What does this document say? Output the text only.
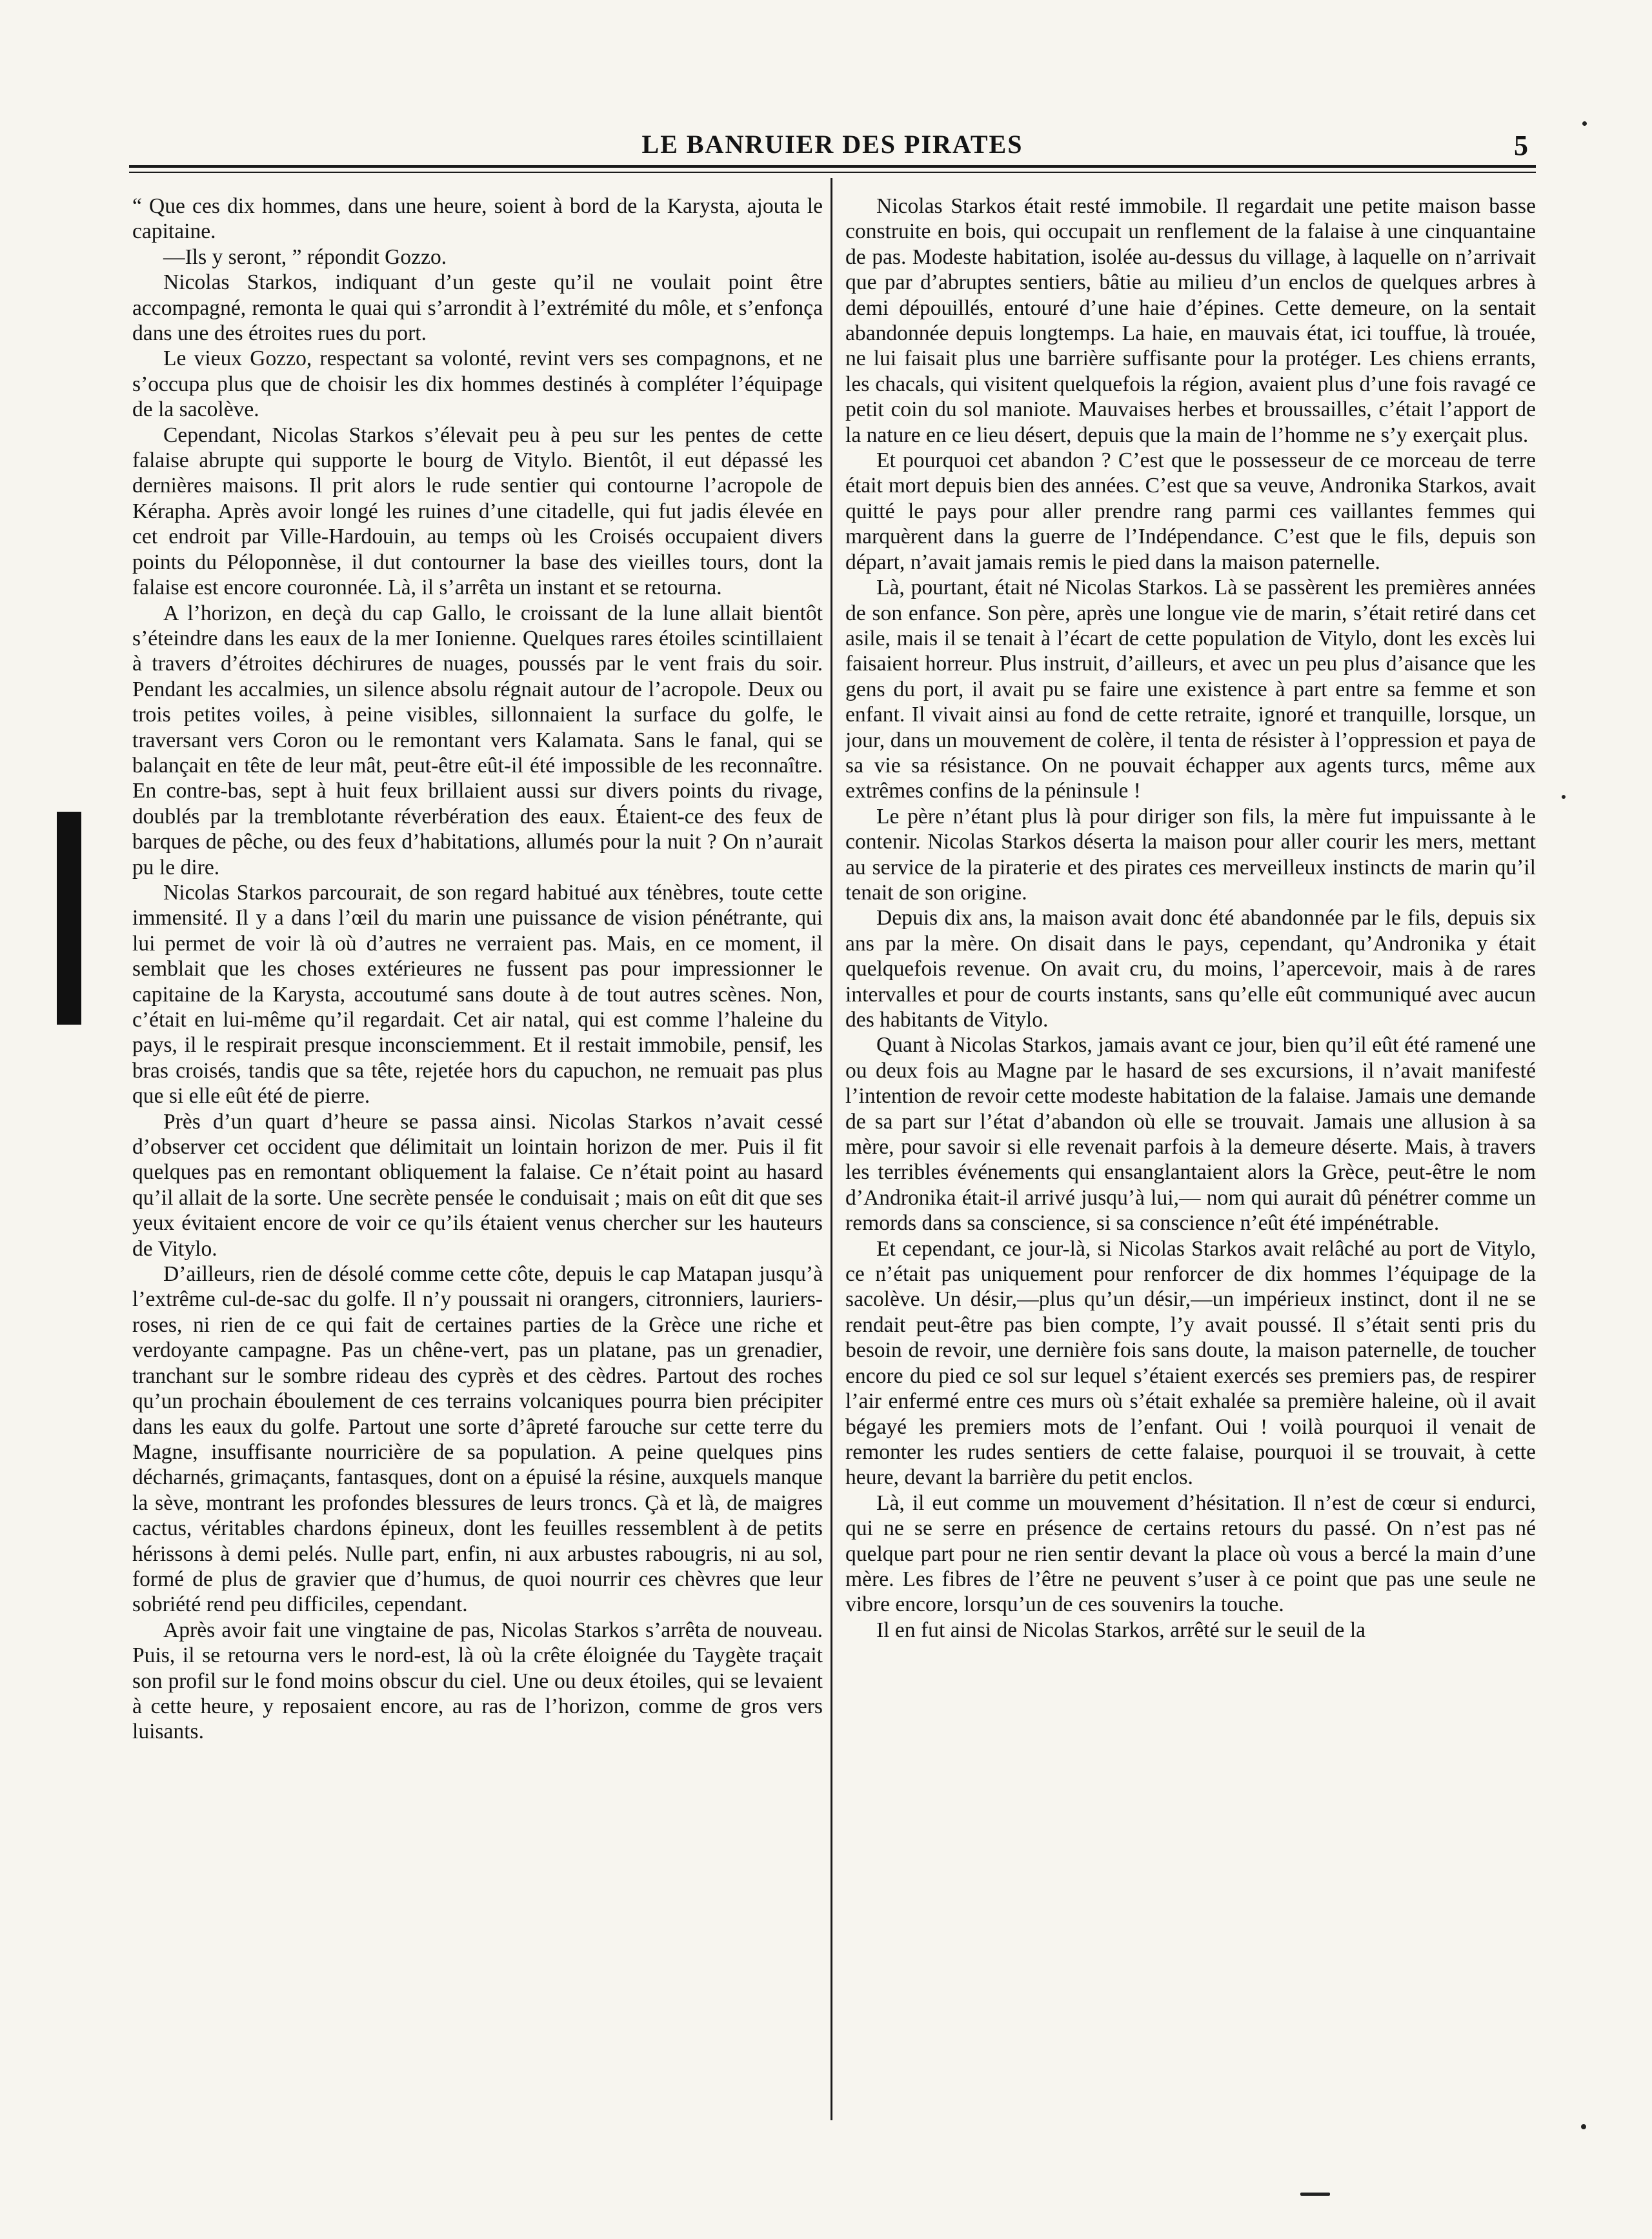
LE BANRUIER DES PIRATES	5

“ Que ces dix hommes, dans une heure, soient à bord de la Karysta, ajouta le capitaine.

—Ils y seront, ” répondit Gozzo.

Nicolas Starkos, indiquant d’un geste qu’il ne voulait point être accompagné, remonta le quai qui s’arrondit à l’extrémité du môle, et s’enfonça dans une des étroites rues du port.

Le vieux Gozzo, respectant sa volonté, revint vers ses compagnons, et ne s’occupa plus que de choisir les dix hommes destinés à compléter l’équipage de la sacolève.

Cependant, Nicolas Starkos s’élevait peu à peu sur les pentes de cette falaise abrupte qui supporte le bourg de Vitylo. Bientôt, il eut dépassé les dernières maisons. Il prit alors le rude sentier qui contourne l’acropole de Kérapha. Après avoir longé les ruines d’une citadelle, qui fut jadis élevée en cet endroit par Ville-Hardouin, au temps où les Croisés occupaient divers points du Péloponnèse, il dut contourner la base des vieilles tours, dont la falaise est encore couronnée. Là, il s’arrêta un instant et se retourna.

A l’horizon, en deçà du cap Gallo, le croissant de la lune allait bientôt s’éteindre dans les eaux de la mer Ionienne. Quelques rares étoiles scintillaient à travers d’étroites déchirures de nuages, poussés par le vent frais du soir. Pendant les accalmies, un silence absolu régnait autour de l’acropole. Deux ou trois petites voiles, à peine visibles, sillonnaient la surface du golfe, le traversant vers Coron ou le remontant vers Kalamata. Sans le fanal, qui se balançait en tête de leur mât, peut-être eût-il été impossible de les reconnaître. En contre-bas, sept à huit feux brillaient aussi sur divers points du rivage, doublés par la tremblotante réverbération des eaux. Étaient-ce des feux de barques de pêche, ou des feux d’habitations, allumés pour la nuit ? On n’aurait pu le dire.

Nicolas Starkos parcourait, de son regard habitué aux ténèbres, toute cette immensité. Il y a dans l’œil du marin une puissance de vision pénétrante, qui lui permet de voir là où d’autres ne verraient pas. Mais, en ce moment, il semblait que les choses extérieures ne fussent pas pour impressionner le capitaine de la Karysta, accoutumé sans doute à de tout autres scènes. Non, c’était en lui-même qu’il regardait. Cet air natal, qui est comme l’haleine du pays, il le respirait presque inconsciemment. Et il restait immobile, pensif, les bras croisés, tandis que sa tête, rejetée hors du capuchon, ne remuait pas plus que si elle eût été de pierre.

Près d’un quart d’heure se passa ainsi. Nicolas Starkos n’avait cessé d’observer cet occident que délimitait un lointain horizon de mer. Puis il fit quelques pas en remontant obliquement la falaise. Ce n’était point au hasard qu’il allait de la sorte. Une secrète pensée le conduisait ; mais on eût dit que ses yeux évitaient encore de voir ce qu’ils étaient venus chercher sur les hauteurs de Vitylo.

D’ailleurs, rien de désolé comme cette côte, depuis le cap Matapan jusqu’à l’extrême cul-de-sac du golfe. Il n’y poussait ni orangers, citronniers, lauriers-roses, ni rien de ce qui fait de certaines parties de la Grèce une riche et verdoyante campagne. Pas un chêne-vert, pas un platane, pas un grenadier, tranchant sur le sombre rideau des cyprès et des cèdres. Partout des roches qu’un prochain éboulement de ces terrains volcaniques pourra bien précipiter dans les eaux du golfe. Partout une sorte d’âpreté farouche sur cette terre du Magne, insuffisante nourricière de sa population. A peine quelques pins décharnés, grimaçants, fantasques, dont on a épuisé la résine, auxquels manque la sève, montrant les profondes blessures de leurs troncs. Çà et là, de maigres cactus, véritables chardons épineux, dont les feuilles ressemblent à de petits hérissons à demi pelés. Nulle part, enfin, ni aux arbustes rabougris, ni au sol, formé de plus de gravier que d’humus, de quoi nourrir ces chèvres que leur sobriété rend peu difficiles, cependant.

Après avoir fait une vingtaine de pas, Nicolas Starkos s’arrêta de nouveau. Puis, il se retourna vers le nord-est, là où la crête éloignée du Taygète traçait son profil sur le fond moins obscur du ciel. Une ou deux étoiles, qui se levaient à cette heure, y reposaient encore, au ras de l’horizon, comme de gros vers luisants.

Nicolas Starkos était resté immobile. Il regardait une petite maison basse construite en bois, qui occupait un renflement de la falaise à une cinquantaine de pas. Modeste habitation, isolée au-dessus du village, à laquelle on n’arrivait que par d’abruptes sentiers, bâtie au milieu d’un enclos de quelques arbres à demi dépouillés, entouré d’une haie d’épines. Cette demeure, on la sentait abandonnée depuis longtemps. La haie, en mauvais état, ici touffue, là trouée, ne lui faisait plus une barrière suffisante pour la protéger. Les chiens errants, les chacals, qui visitent quelquefois la région, avaient plus d’une fois ravagé ce petit coin du sol maniote. Mauvaises herbes et broussailles, c’était l’apport de la nature en ce lieu désert, depuis que la main de l’homme ne s’y exerçait plus.

Et pourquoi cet abandon ? C’est que le possesseur de ce morceau de terre était mort depuis bien des années. C’est que sa veuve, Andronika Starkos, avait quitté le pays pour aller prendre rang parmi ces vaillantes femmes qui marquèrent dans la guerre de l’Indépendance. C’est que le fils, depuis son départ, n’avait jamais remis le pied dans la maison paternelle.

Là, pourtant, était né Nicolas Starkos. Là se passèrent les premières années de son enfance. Son père, après une longue vie de marin, s’était retiré dans cet asile, mais il se tenait à l’écart de cette population de Vitylo, dont les excès lui faisaient horreur. Plus instruit, d’ailleurs, et avec un peu plus d’aisance que les gens du port, il avait pu se faire une existence à part entre sa femme et son enfant. Il vivait ainsi au fond de cette retraite, ignoré et tranquille, lorsque, un jour, dans un mouvement de colère, il tenta de résister à l’oppression et paya de sa vie sa résistance. On ne pouvait échapper aux agents turcs, même aux extrêmes confins de la péninsule !

Le père n’étant plus là pour diriger son fils, la mère fut impuissante à le contenir. Nicolas Starkos déserta la maison pour aller courir les mers, mettant au service de la piraterie et des pirates ces merveilleux instincts de marin qu’il tenait de son origine.

Depuis dix ans, la maison avait donc été abandonnée par le fils, depuis six ans par la mère. On disait dans le pays, cependant, qu’Andronika y était quelquefois revenue. On avait cru, du moins, l’apercevoir, mais à de rares intervalles et pour de courts instants, sans qu’elle eût communiqué avec aucun des habitants de Vitylo.

Quant à Nicolas Starkos, jamais avant ce jour, bien qu’il eût été ramené une ou deux fois au Magne par le hasard de ses excursions, il n’avait manifesté l’intention de revoir cette modeste habitation de la falaise. Jamais une demande de sa part sur l’état d’abandon où elle se trouvait. Jamais une allusion à sa mère, pour savoir si elle revenait parfois à la demeure déserte. Mais, à travers les terribles événements qui ensanglantaient alors la Grèce, peut-être le nom d’Andronika était-il arrivé jusqu’à lui,— nom qui aurait dû pénétrer comme un remords dans sa conscience, si sa conscience n’eût été impénétrable.

Et cependant, ce jour-là, si Nicolas Starkos avait relâché au port de Vitylo, ce n’était pas uniquement pour renforcer de dix hommes l’équipage de la sacolève. Un désir,—plus qu’un désir,—un impérieux instinct, dont il ne se rendait peut-être pas bien compte, l’y avait poussé. Il s’était senti pris du besoin de revoir, une dernière fois sans doute, la maison paternelle, de toucher encore du pied ce sol sur lequel s’étaient exercés ses premiers pas, de respirer l’air enfermé entre ces murs où s’était exhalée sa première haleine, où il avait bégayé les premiers mots de l’enfant. Oui ! voilà pourquoi il venait de remonter les rudes sentiers de cette falaise, pourquoi il se trouvait, à cette heure, devant la barrière du petit enclos.

Là, il eut comme un mouvement d’hésitation. Il n’est de cœur si endurci, qui ne se serre en présence de certains retours du passé. On n’est pas né quelque part pour ne rien sentir devant la place où vous a bercé la main d’une mère. Les fibres de l’être ne peuvent s’user à ce point que pas une seule ne vibre encore, lorsqu’un de ces souvenirs la touche.

Il en fut ainsi de Nicolas Starkos, arrêté sur le seuil de la
